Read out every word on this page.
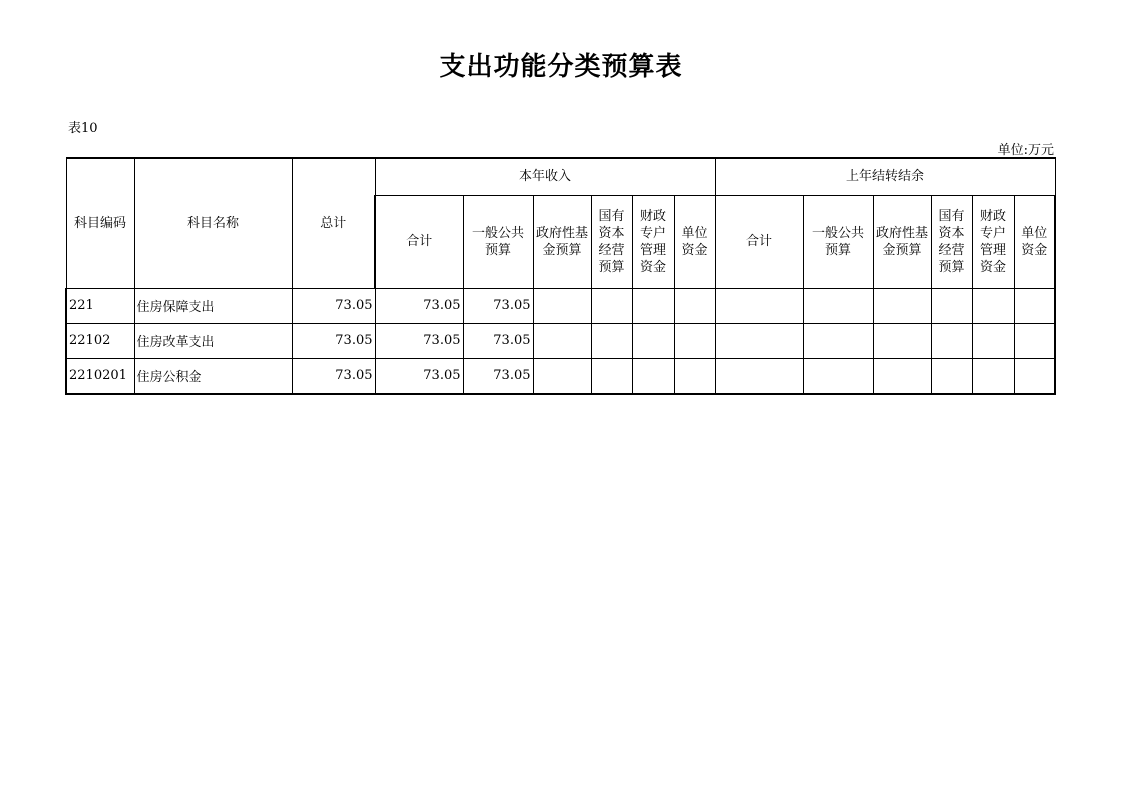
支出功能分类预算表
表10
单位:万元
科目编码	科目名称	总计	本年收入						上年结转结余					
			合计	一般公共预算	政府性基金预算	国有资本经营预算	财政专户管理资金	单位资金	合计	一般公共预算	政府性基金预算	国有资本经营预算	财政专户管理资金	单位资金
221	住房保障支出	73.05	73.05	73.05										
22102	住房改革支出	73.05	73.05	73.05										
2210201	住房公积金	73.05	73.05	73.05										
